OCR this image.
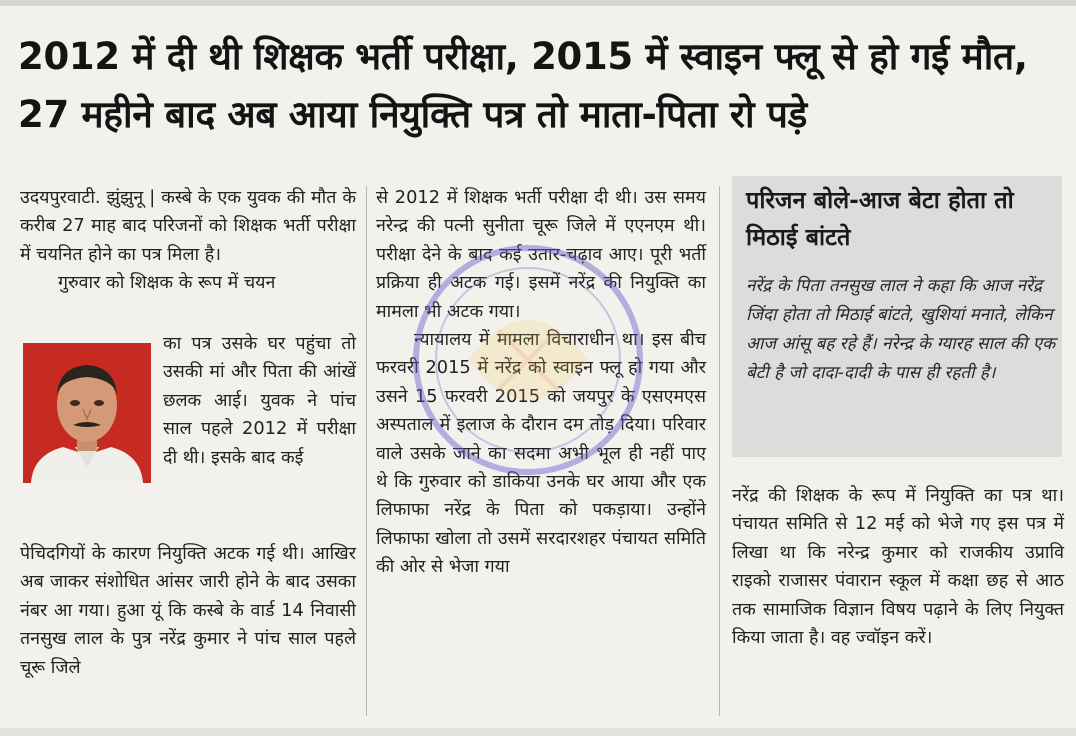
2012 में दी थी शिक्षक भर्ती परीक्षा, 2015 में स्वाइन फ्लू से हो गई मौत, 27 महीने बाद अब आया नियुक्ति पत्र तो माता-पिता रो पड़े

उदयपुरवाटी. झुंझुनू | कस्बे के एक युवक की मौत के करीब 27 माह बाद परिजनों को शिक्षक भर्ती परीक्षा में चयनित होने का पत्र मिला है।

गुरुवार को शिक्षक के रूप में चयन

का पत्र उसके घर पहुंचा तो उसकी मां और पिता की आंखें छलक आई। युवक ने पांच साल पहले 2012 में परीक्षा दी थी। इसके बाद कई

पेचिदगियों के कारण नियुक्ति अटक गई थी। आखिर अब जाकर संशोधित आंसर जारी होने के बाद उसका नंबर आ गया। हुआ यूं कि कस्बे के वार्ड 14 निवासी तनसुख लाल के पुत्र नरेंद्र कुमार ने पांच साल पहले चूरू जिले

से 2012 में शिक्षक भर्ती परीक्षा दी थी। उस समय नरेन्द्र की पत्नी सुनीता चूरू जिले में एएनएम थी। परीक्षा देने के बाद कई उतार-चढ़ाव आए। पूरी भर्ती प्रक्रिया ही अटक गई। इसमें नरेंद्र की नियुक्ति का मामला भी अटक गया।

न्यायालय में मामला विचाराधीन था। इस बीच फरवरी 2015 में नरेंद्र को स्वाइन फ्लू हो गया और उसने 15 फरवरी 2015 को जयपुर के एसएमएस अस्पताल में इलाज के दौरान दम तोड़ दिया। परिवार वाले उसके जाने का सदमा अभी भूल ही नहीं पाए थे कि गुरुवार को डाकिया उनके घर आया और एक लिफाफा नरेंद्र के पिता को पकड़ाया। उन्होंने लिफाफा खोला तो उसमें सरदारशहर पंचायत समिति की ओर से भेजा गया

परिजन बोले-आज बेटा होता तो मिठाई बांटते
नरेंद्र के पिता तनसुख लाल ने कहा कि आज नरेंद्र जिंदा होता तो मिठाई बांटते, खुशियां मनाते, लेकिन आज आंसू बह रहे हैं। नरेन्द्र के ग्यारह साल की एक बेटी है जो दादा-दादी के पास ही रहती है।

नरेंद्र की शिक्षक के रूप में नियुक्ति का पत्र था। पंचायत समिति से 12 मई को भेजे गए इस पत्र में लिखा था कि नरेन्द्र कुमार को राजकीय उप्रावि राइको राजासर पंवारान स्कूल में कक्षा छह से आठ तक सामाजिक विज्ञान विषय पढ़ाने के लिए नियुक्त किया जाता है। वह ज्वॉइन करें।
